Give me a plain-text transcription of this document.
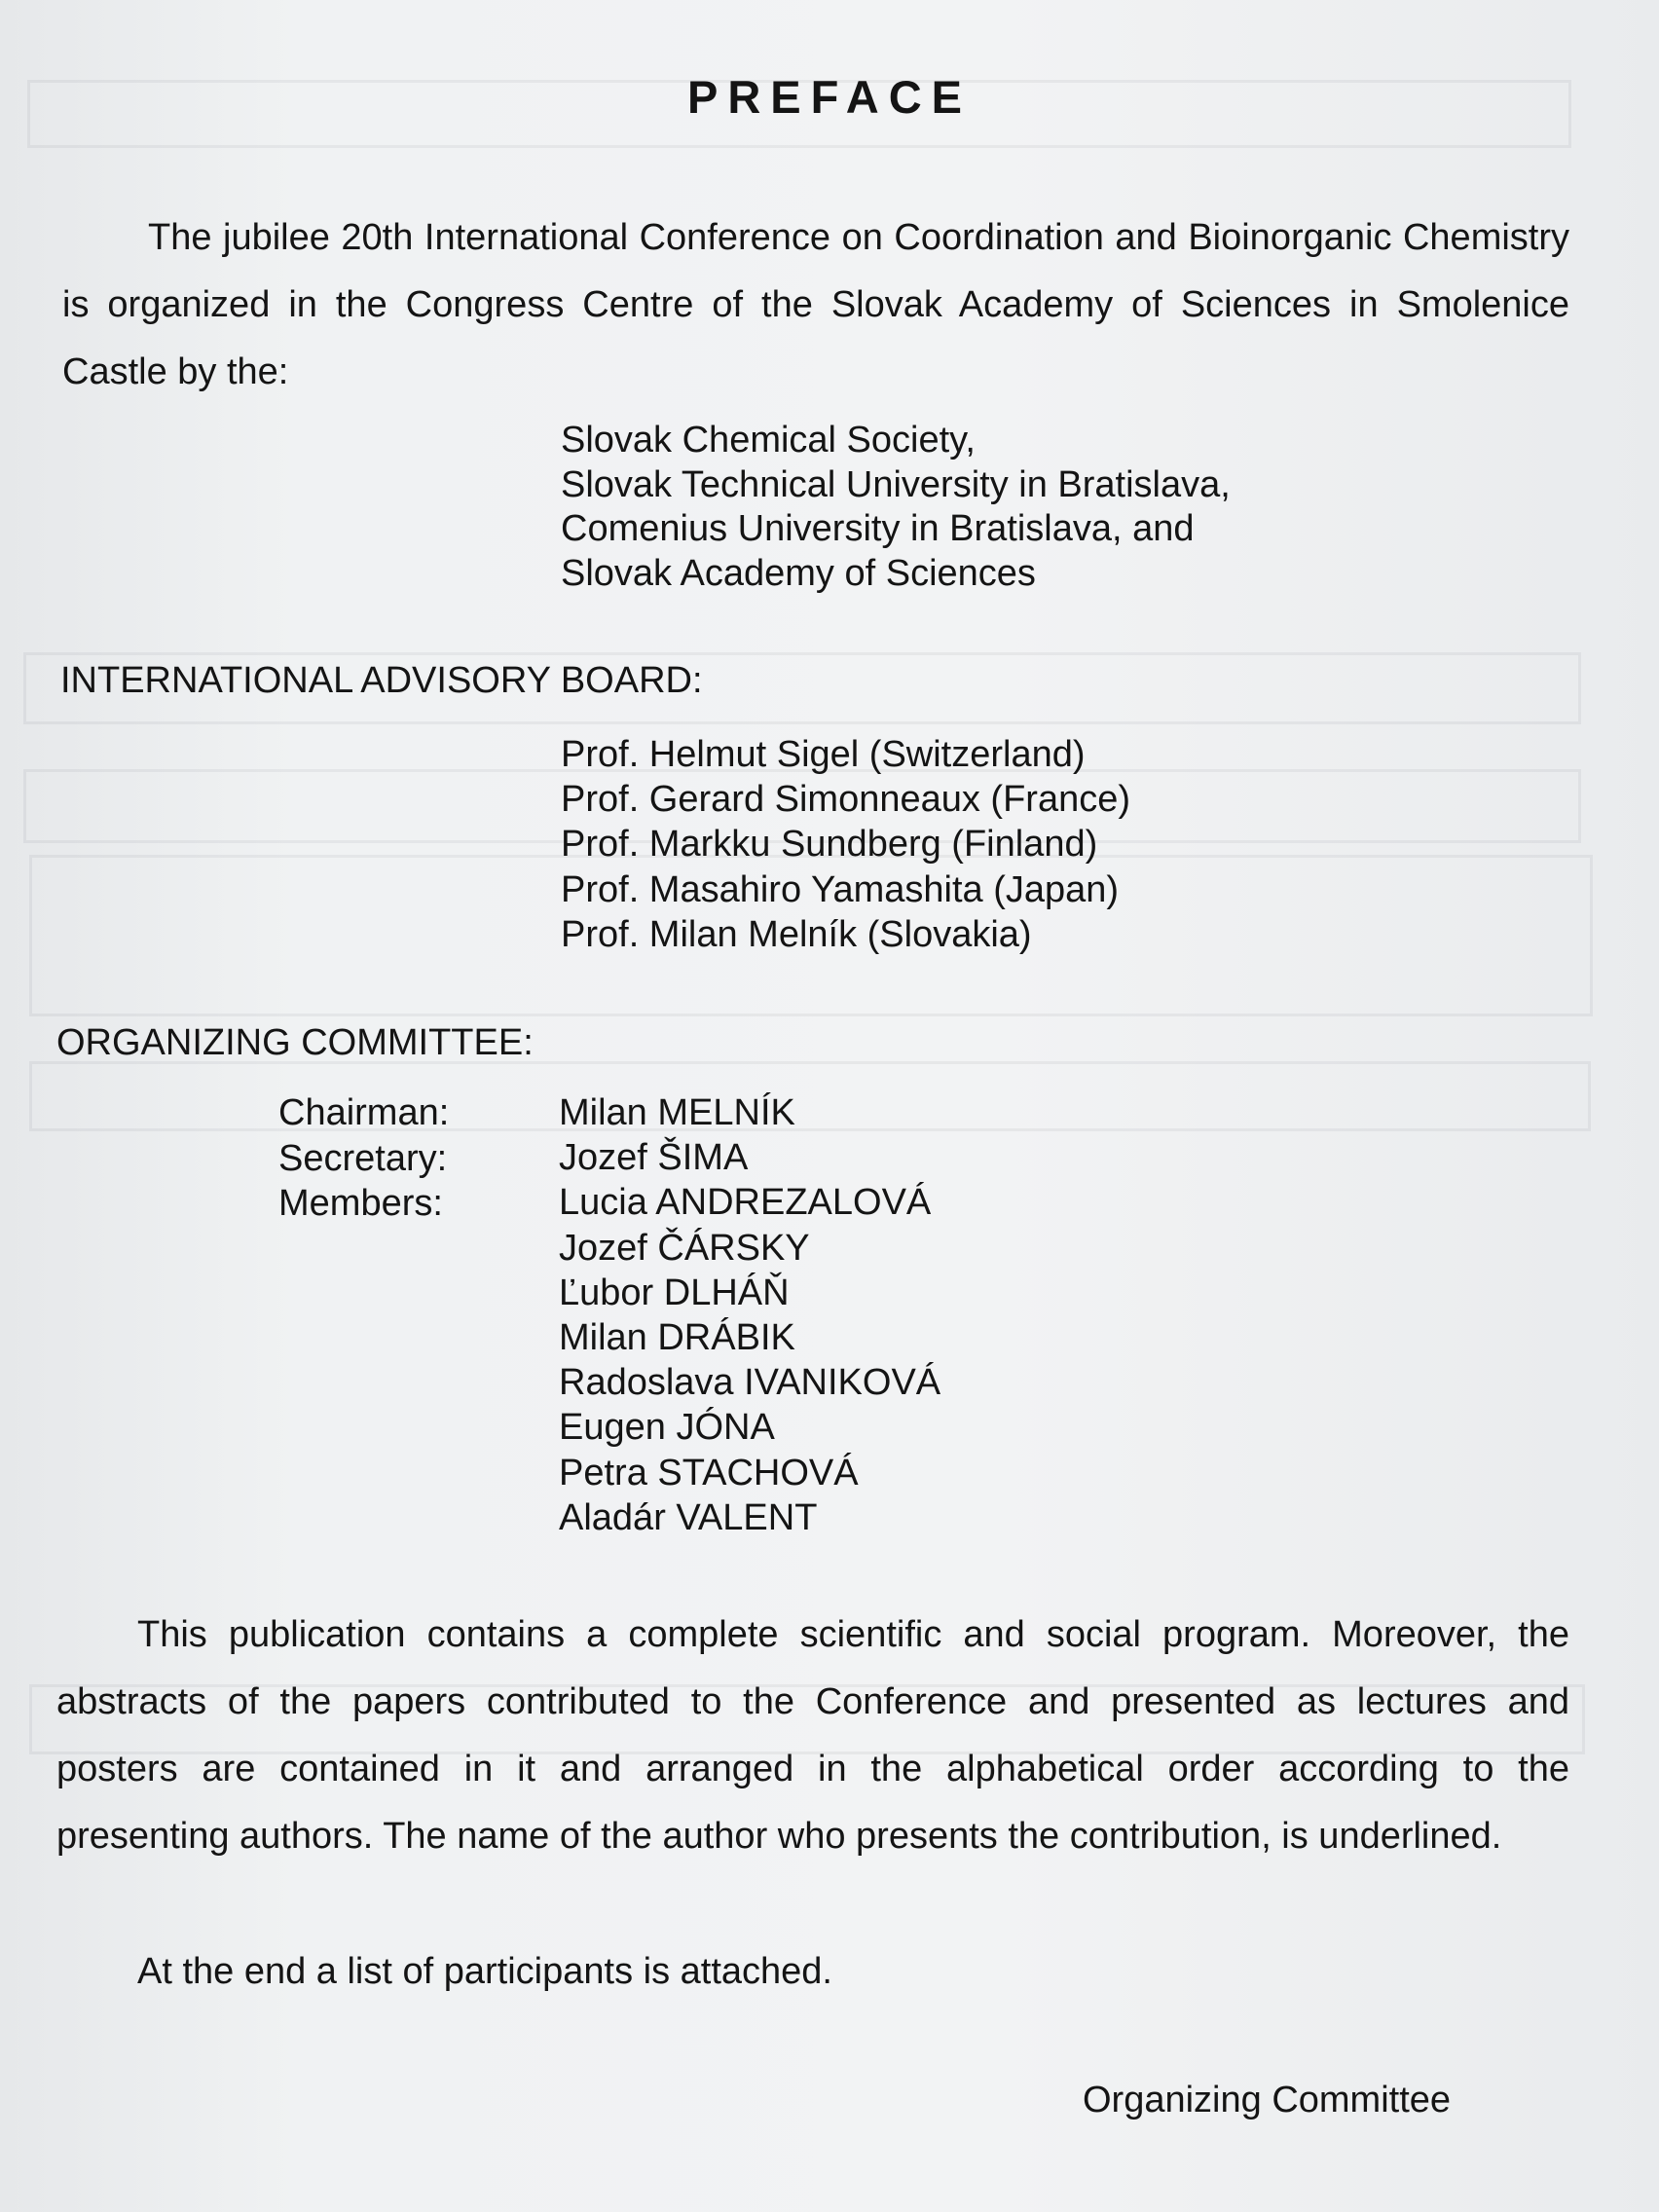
PREFACE

The jubilee 20th International Conference on Coordination and Bioinorganic Chemistry is organized in the Congress Centre of the Slovak Academy of Sciences in Smolenice Castle by the:

Slovak Chemical Society,
Slovak Technical University in Bratislava,
Comenius University in Bratislava, and
Slovak Academy of Sciences
INTERNATIONAL ADVISORY BOARD:
Prof. Helmut Sigel (Switzerland)
Prof. Gerard Simonneaux (France)
Prof. Markku Sundberg (Finland)
Prof. Masahiro Yamashita (Japan)
Prof. Milan Melník (Slovakia)
ORGANIZING COMMITTEE:
Chairman:
Secretary:
Members:
Milan MELNÍK
Jozef ŠIMA
Lucia ANDREZALOVÁ
Jozef ČÁRSKY
Ľubor DLHÁŇ
Milan DRÁBIK
Radoslava IVANIKOVÁ
Eugen JÓNA
Petra STACHOVÁ
Aladár VALENT

This publication contains a complete scientific and social program. Moreover, the abstracts of the papers contributed to the Conference and presented as lectures and posters are contained in it and arranged in the alphabetical order according to the presenting authors. The name of the author who presents the contribution, is underlined.

At the end a list of participants is attached.

Organizing Committee
